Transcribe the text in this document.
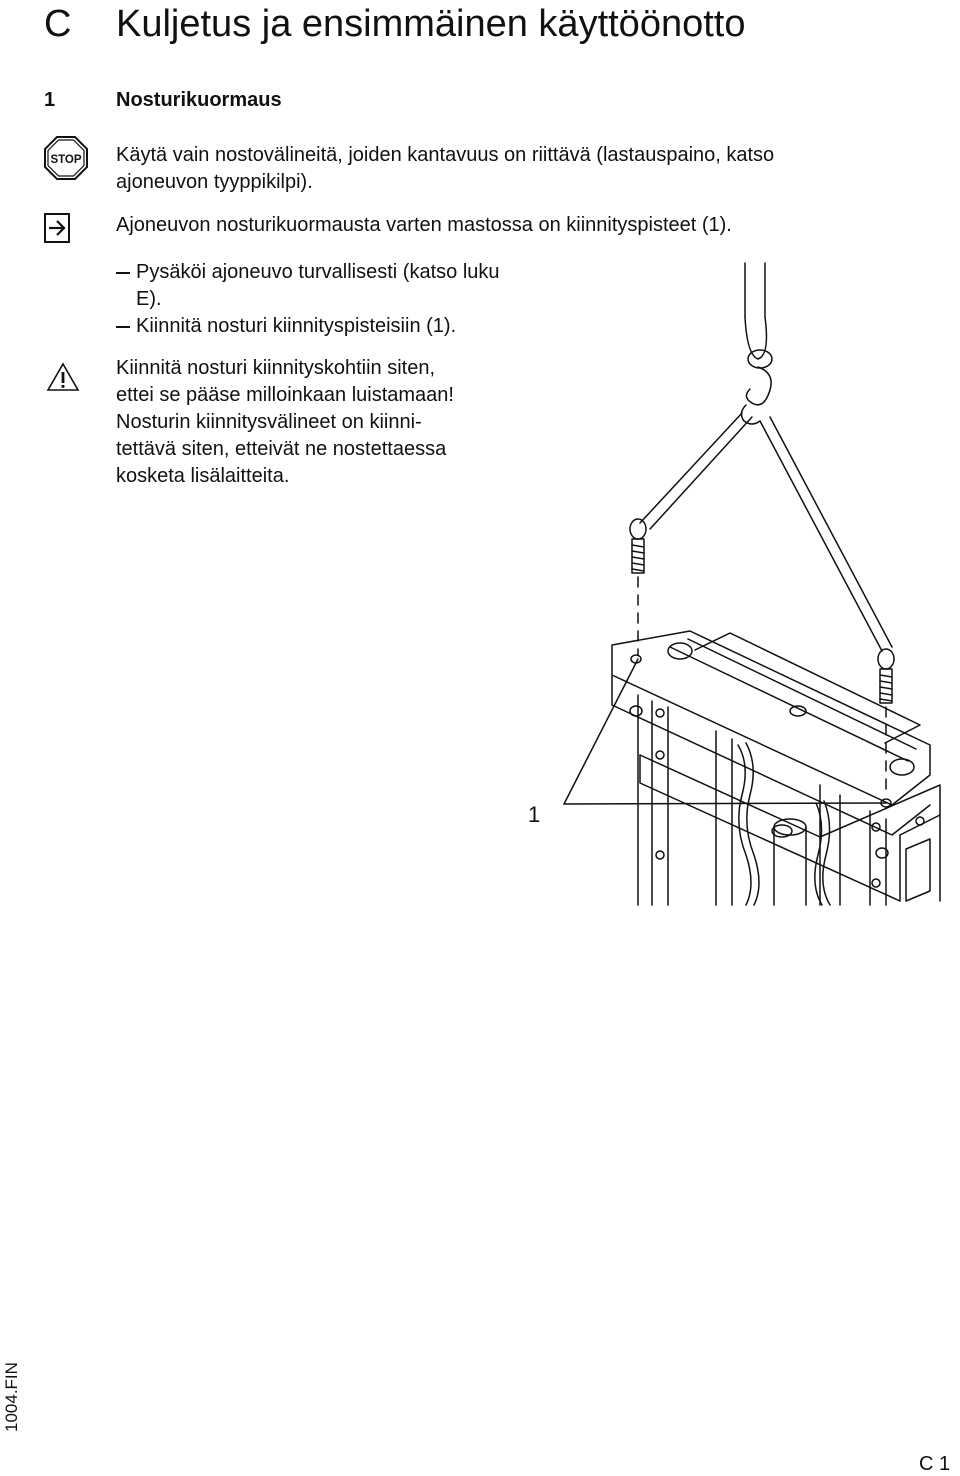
C Kuljetus ja ensimmäinen käyttöönotto
1	Nosturikuormaus
STOP Käytä vain nostovälineitä, joiden kantavuus on riittävä (lastauspaino, katso
ajoneuvon tyyppikilpi).
Ajoneuvon nosturikuormausta varten mastossa on kiinnityspisteet (1).
Pysäköi ajoneuvo turvallisesti (katso luku E).
Kiinnitä nosturi kiinnityspisteisiin (1).
Kiinnitä nosturi kiinnityskohtiin siten,
ettei se pääse milloinkaan luistamaan!
Nosturin kiinnitysvälineet on kiinni-
tettävä siten, etteivät ne nostettaessa
kosketa lisälaitteita.
1
1004.FIN
C 1
